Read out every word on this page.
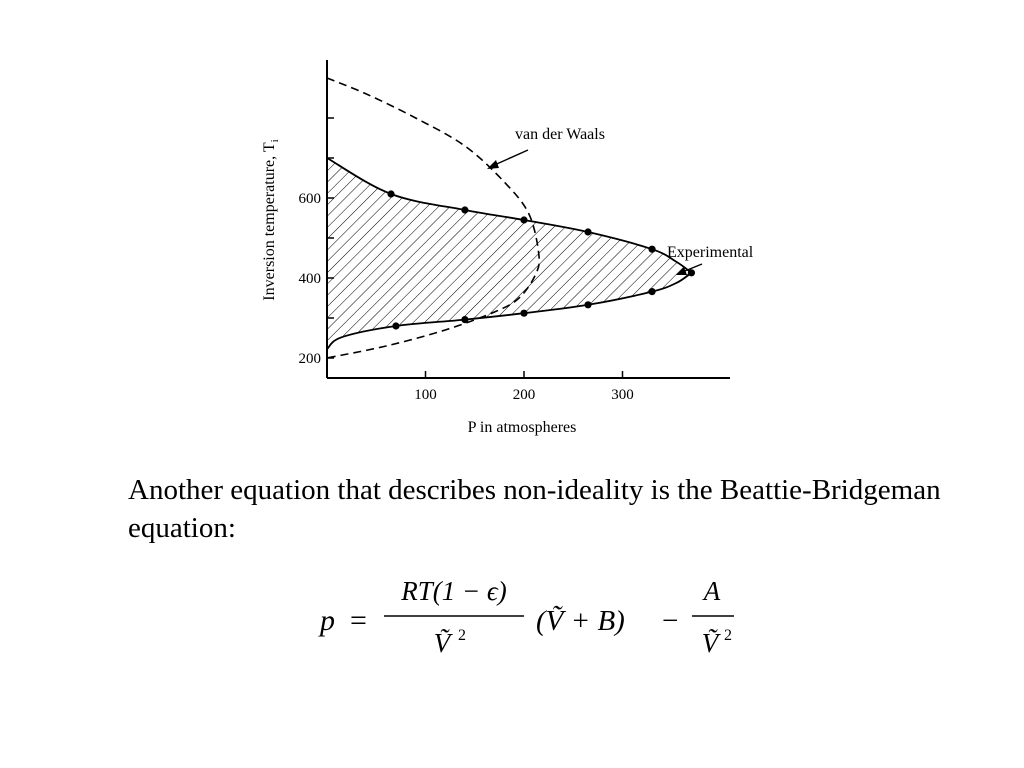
100	200	300
200
400
600
P in atmospheres
Inversion temperature, $T_i$	van der Waals
Experimental
Another equation that describes non-ideality is the Beattie-Bridgeman equation:
p =
RT(1 − ϵ)
Ṽ 2 (Ṽ + B) −
A
Ṽ 2
